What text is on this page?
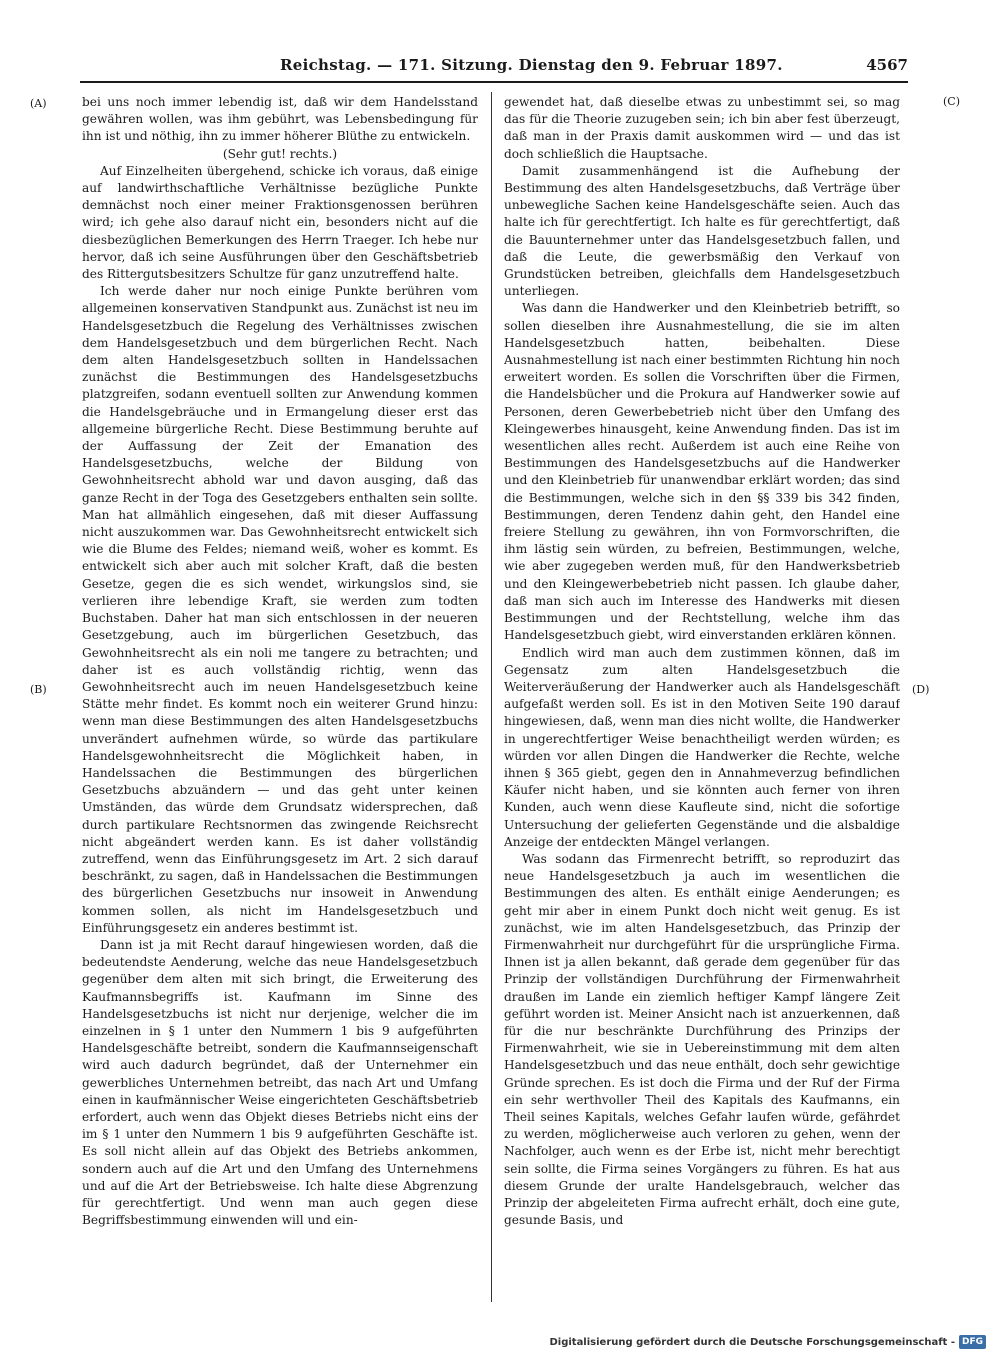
Reichstag. — 171. Sitzung. Dienstag den 9. Februar 1897.	4567
(A)
(B)
(C)
(D)

bei uns noch immer lebendig ist, daß wir dem Handelsstand gewähren wollen, was ihm gebührt, was Lebensbedingung für ihn ist und nöthig, ihn zu immer höherer Blüthe zu entwickeln.

(Sehr gut! rechts.)

Auf Einzelheiten übergehend, schicke ich voraus, daß einige auf landwirthschaftliche Verhältnisse bezügliche Punkte demnächst noch einer meiner Fraktionsgenossen berühren wird; ich gehe also darauf nicht ein, besonders nicht auf die diesbezüglichen Bemerkungen des Herrn Traeger. Ich hebe nur hervor, daß ich seine Ausführungen über den Geschäftsbetrieb des Rittergutsbesitzers Schultze für ganz unzutreffend halte.

Ich werde daher nur noch einige Punkte berühren vom allgemeinen konservativen Standpunkt aus. Zunächst ist neu im Handelsgesetzbuch die Regelung des Verhältnisses zwischen dem Handelsgesetzbuch und dem bürgerlichen Recht. Nach dem alten Handelsgesetzbuch sollten in Handelssachen zunächst die Bestimmungen des Handelsgesetzbuchs platzgreifen, sodann eventuell sollten zur Anwendung kommen die Handelsgebräuche und in Ermangelung dieser erst das allgemeine bürgerliche Recht. Diese Bestimmung beruhte auf der Auffassung der Zeit der Emanation des Handelsgesetzbuchs, welche der Bildung von Gewohnheitsrecht abhold war und davon ausging, daß das ganze Recht in der Toga des Gesetzgebers enthalten sein sollte. Man hat allmählich eingesehen, daß mit dieser Auffassung nicht auszukommen war. Das Gewohnheitsrecht entwickelt sich wie die Blume des Feldes; niemand weiß, woher es kommt. Es entwickelt sich aber auch mit solcher Kraft, daß die besten Gesetze, gegen die es sich wendet, wirkungslos sind, sie verlieren ihre lebendige Kraft, sie werden zum todten Buchstaben. Daher hat man sich entschlossen in der neueren Gesetzgebung, auch im bürgerlichen Gesetzbuch, das Gewohnheitsrecht als ein noli me tangere zu betrachten; und daher ist es auch vollständig richtig, wenn das Gewohnheitsrecht auch im neuen Handelsgesetzbuch keine Stätte mehr findet. Es kommt noch ein weiterer Grund hinzu: wenn man diese Bestimmungen des alten Handelsgesetzbuchs unverändert aufnehmen würde, so würde das partikulare Handelsgewohnheitsrecht die Möglichkeit haben, in Handelssachen die Bestimmungen des bürgerlichen Gesetzbuchs abzuändern — und das geht unter keinen Umständen, das würde dem Grundsatz widersprechen, daß durch partikulare Rechtsnormen das zwingende Reichsrecht nicht abgeändert werden kann. Es ist daher vollständig zutreffend, wenn das Einführungsgesetz im Art. 2 sich darauf beschränkt, zu sagen, daß in Handelssachen die Bestimmungen des bürgerlichen Gesetzbuchs nur insoweit in Anwendung kommen sollen, als nicht im Handelsgesetzbuch und Einführungsgesetz ein anderes bestimmt ist.

Dann ist ja mit Recht darauf hingewiesen worden, daß die bedeutendste Aenderung, welche das neue Handelsgesetzbuch gegenüber dem alten mit sich bringt, die Erweiterung des Kaufmannsbegriffs ist. Kaufmann im Sinne des Handelsgesetzbuchs ist nicht nur derjenige, welcher die im einzelnen in § 1 unter den Nummern 1 bis 9 aufgeführten Handelsgeschäfte betreibt, sondern die Kaufmannseigenschaft wird auch dadurch begründet, daß der Unternehmer ein gewerbliches Unternehmen betreibt, das nach Art und Umfang einen in kaufmännischer Weise eingerichteten Geschäftsbetrieb erfordert, auch wenn das Objekt dieses Betriebs nicht eins der im § 1 unter den Nummern 1 bis 9 aufgeführten Geschäfte ist. Es soll nicht allein auf das Objekt des Betriebs ankommen, sondern auch auf die Art und den Umfang des Unternehmens und auf die Art der Betriebsweise. Ich halte diese Abgrenzung für gerechtfertigt. Und wenn man auch gegen diese Begriffsbestimmung einwenden will und ein-

gewendet hat, daß dieselbe etwas zu unbestimmt sei, so mag das für die Theorie zuzugeben sein; ich bin aber fest überzeugt, daß man in der Praxis damit auskommen wird — und das ist doch schließlich die Hauptsache.

Damit zusammenhängend ist die Aufhebung der Bestimmung des alten Handelsgesetzbuchs, daß Verträge über unbewegliche Sachen keine Handelsgeschäfte seien. Auch das halte ich für gerechtfertigt. Ich halte es für gerechtfertigt, daß die Bauunternehmer unter das Handelsgesetzbuch fallen, und daß die Leute, die gewerbsmäßig den Verkauf von Grundstücken betreiben, gleichfalls dem Handelsgesetzbuch unterliegen.

Was dann die Handwerker und den Kleinbetrieb betrifft, so sollen dieselben ihre Ausnahmestellung, die sie im alten Handelsgesetzbuch hatten, beibehalten. Diese Ausnahmestellung ist nach einer bestimmten Richtung hin noch erweitert worden. Es sollen die Vorschriften über die Firmen, die Handelsbücher und die Prokura auf Handwerker sowie auf Personen, deren Gewerbebetrieb nicht über den Umfang des Kleingewerbes hinausgeht, keine Anwendung finden. Das ist im wesentlichen alles recht. Außerdem ist auch eine Reihe von Bestimmungen des Handelsgesetzbuchs auf die Handwerker und den Kleinbetrieb für unanwendbar erklärt worden; das sind die Bestimmungen, welche sich in den §§ 339 bis 342 finden, Bestimmungen, deren Tendenz dahin geht, den Handel eine freiere Stellung zu gewähren, ihn von Formvorschriften, die ihm lästig sein würden, zu befreien, Bestimmungen, welche, wie aber zugegeben werden muß, für den Handwerksbetrieb und den Kleingewerbebetrieb nicht passen. Ich glaube daher, daß man sich auch im Interesse des Handwerks mit diesen Bestimmungen und der Rechtstellung, welche ihm das Handelsgesetzbuch giebt, wird einverstanden erklären können.

Endlich wird man auch dem zustimmen können, daß im Gegensatz zum alten Handelsgesetzbuch die Weiterveräußerung der Handwerker auch als Handelsgeschäft aufgefaßt werden soll. Es ist in den Motiven Seite 190 darauf hingewiesen, daß, wenn man dies nicht wollte, die Handwerker in ungerechtfertiger Weise benachtheiligt werden würden; es würden vor allen Dingen die Handwerker die Rechte, welche ihnen § 365 giebt, gegen den in Annahmeverzug befindlichen Käufer nicht haben, und sie könnten auch ferner von ihren Kunden, auch wenn diese Kaufleute sind, nicht die sofortige Untersuchung der gelieferten Gegenstände und die alsbaldige Anzeige der entdeckten Mängel verlangen.

Was sodann das Firmenrecht betrifft, so reproduzirt das neue Handelsgesetzbuch ja auch im wesentlichen die Bestimmungen des alten. Es enthält einige Aenderungen; es geht mir aber in einem Punkt doch nicht weit genug. Es ist zunächst, wie im alten Handelsgesetzbuch, das Prinzip der Firmenwahrheit nur durchgeführt für die ursprüngliche Firma. Ihnen ist ja allen bekannt, daß gerade dem gegenüber für das Prinzip der vollständigen Durchführung der Firmenwahrheit draußen im Lande ein ziemlich heftiger Kampf längere Zeit geführt worden ist. Meiner Ansicht nach ist anzuerkennen, daß für die nur beschränkte Durchführung des Prinzips der Firmenwahrheit, wie sie in Uebereinstimmung mit dem alten Handelsgesetzbuch und das neue enthält, doch sehr gewichtige Gründe sprechen. Es ist doch die Firma und der Ruf der Firma ein sehr werthvoller Theil des Kapitals des Kaufmanns, ein Theil seines Kapitals, welches Gefahr laufen würde, gefährdet zu werden, möglicherweise auch verloren zu gehen, wenn der Nachfolger, auch wenn es der Erbe ist, nicht mehr berechtigt sein sollte, die Firma seines Vorgängers zu führen. Es hat aus diesem Grunde der uralte Handelsgebrauch, welcher das Prinzip der abgeleiteten Firma aufrecht erhält, doch eine gute, gesunde Basis, und

Digitalisierung gefördert durch die Deutsche Forschungsgemeinschaft - DFG
